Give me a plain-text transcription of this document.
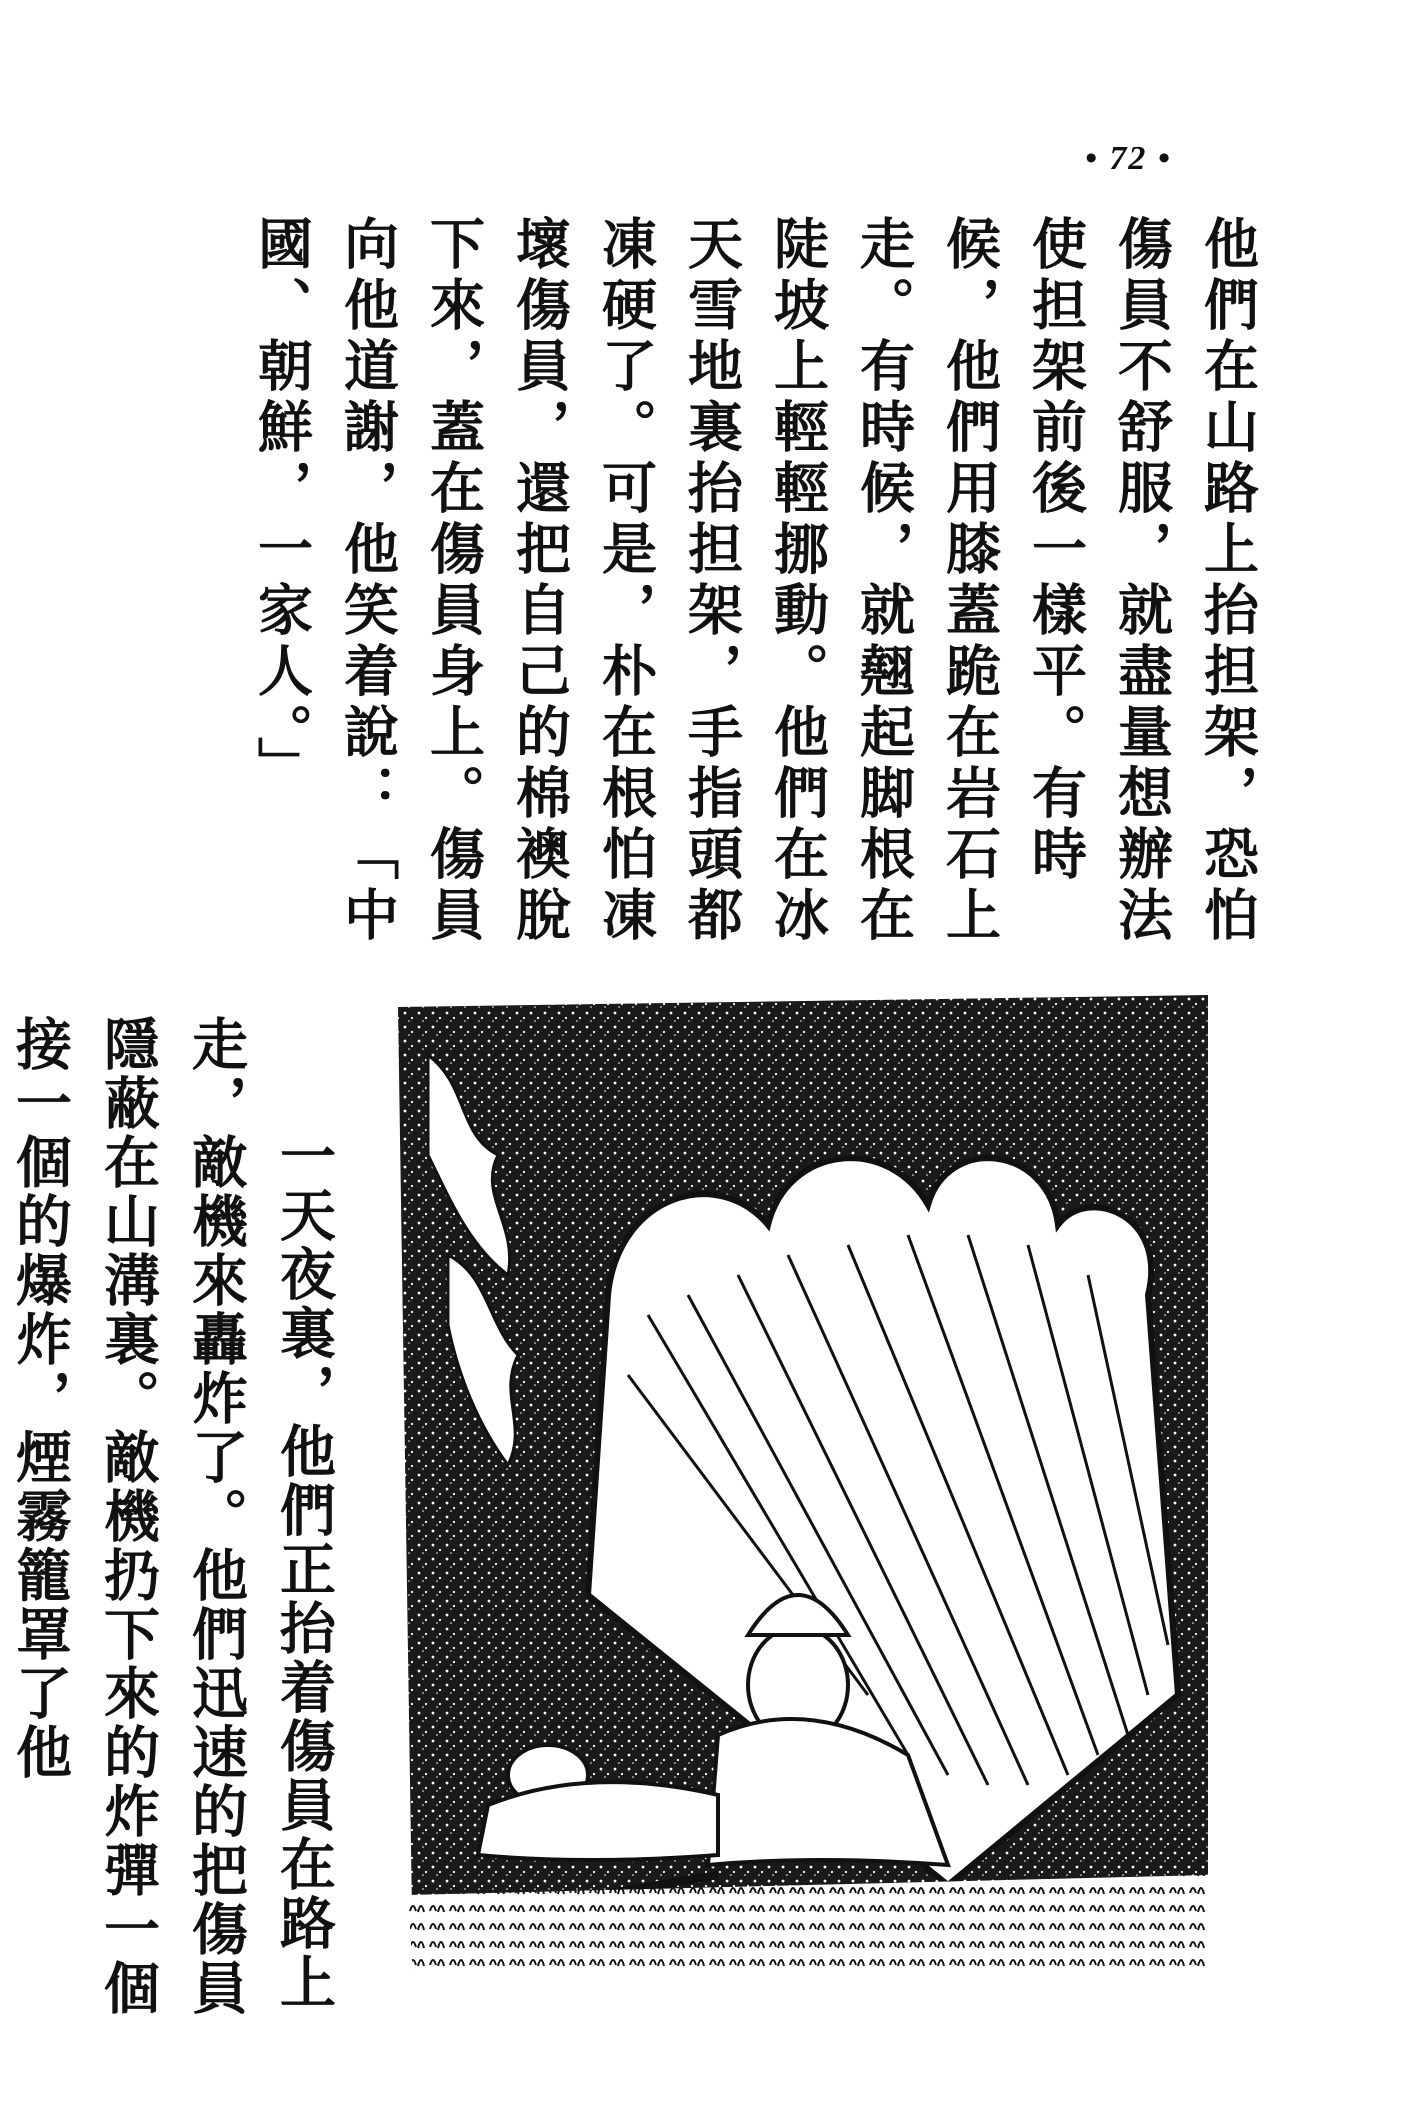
• 72 •

他們在山路上抬担架，恐怕傷員不舒服，就盡量想辦法使担架前後一樣平。有時候，他們用膝蓋跪在岩石上走。有時候，就翹起脚根在陡坡上輕輕挪動。他們在冰天雪地裏抬担架，手指頭都凍硬了。可是，朴在根怕凍壞傷員，還把自己的棉襖脫下來，蓋在傷員身上。傷員向他道謝，他笑着說：「中國、朝鮮，一家人。」

一天夜裏，他們正抬着傷員在路上走，敵機來轟炸了。他們迅速的把傷員隱蔽在山溝裏。敵機扔下來的炸彈一個接一個的爆炸，煙霧籠罩了他
